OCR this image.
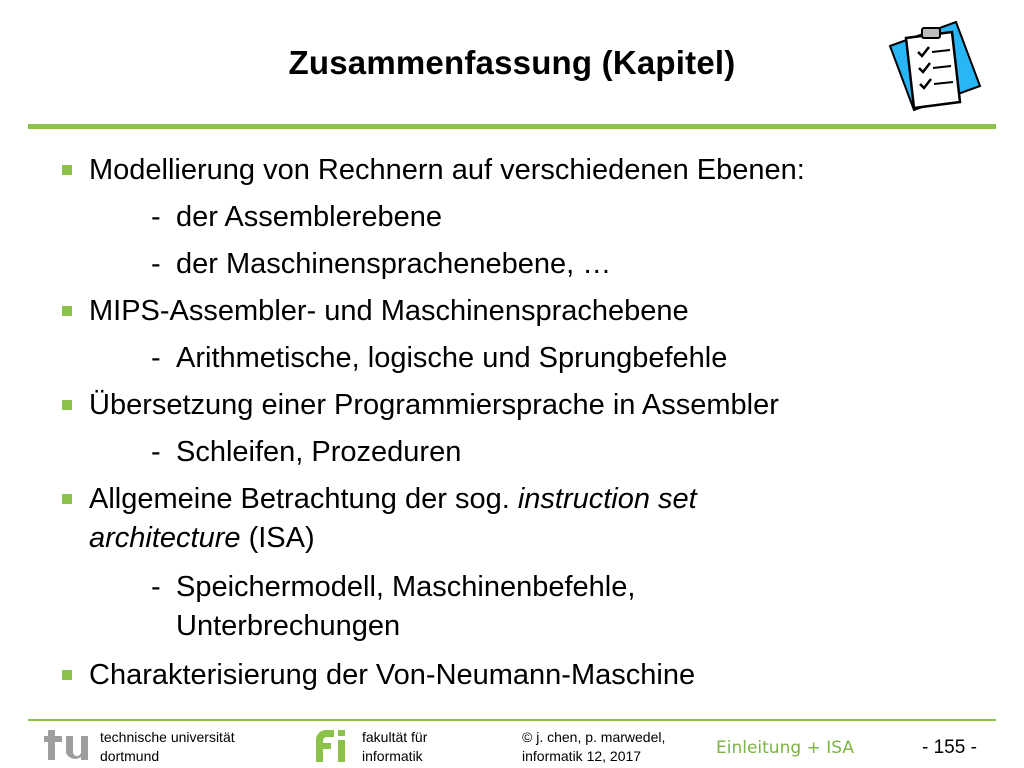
Zusammenfassung (Kapitel)
Modellierung von Rechnern auf verschiedenen Ebenen:
- der Assemblerebene
- der Maschinensprachenebene, …
MIPS-Assembler- und Maschinensprachebene
- Arithmetische, logische und Sprungbefehle
Übersetzung einer Programmiersprache in Assembler
- Schleifen, Prozeduren
Allgemeine Betrachtung der sog. instruction set
architecture (ISA)
- Speichermodell, Maschinenbefehle,
Unterbrechungen
Charakterisierung der Von-Neumann-Maschine
technische universität
dortmund
fakultät für
informatik
© j. chen, p. marwedel,
informatik 12, 2017	Einleitung + ISA	- 155 -
